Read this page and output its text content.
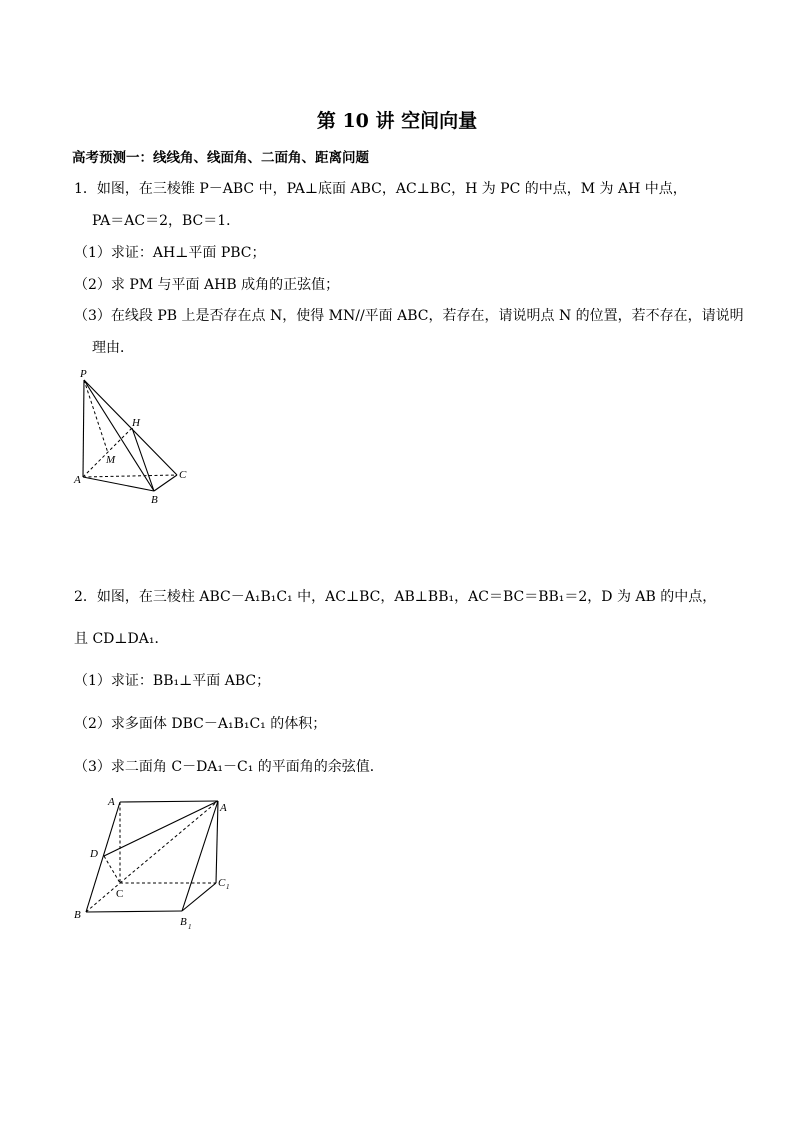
第 10 讲 空间向量
高考预测一：线线角、线面角、二面角、距离问题
1．如图，在三棱锥 P－ABC 中，PA⊥底面 ABC，AC⊥BC，H 为 PC 的中点，M 为 AH 中点，
PA＝AC＝2，BC＝1．
（1）求证：AH⊥平面 PBC；
（2）求 PM 与平面 AHB 成角的正弦值；
（3）在线段 PB 上是否存在点 N，使得 MN//平面 ABC，若存在，请说明点 N 的位置，若不存在，请说明
理由．
P
H
M
A	C
B
2．如图，在三棱柱 ABC－A₁B₁C₁ 中，AC⊥BC，AB⊥BB₁，AC＝BC＝BB₁＝2，D 为 AB 的中点，
且 CD⊥DA₁．
（1）求证：BB₁⊥平面 ABC；
（2）求多面体 DBC－A₁B₁C₁ 的体积；
（3）求二面角 C－DA₁－C₁ 的平面角的余弦值．
A	A
D
C
C 1
B
B 1
